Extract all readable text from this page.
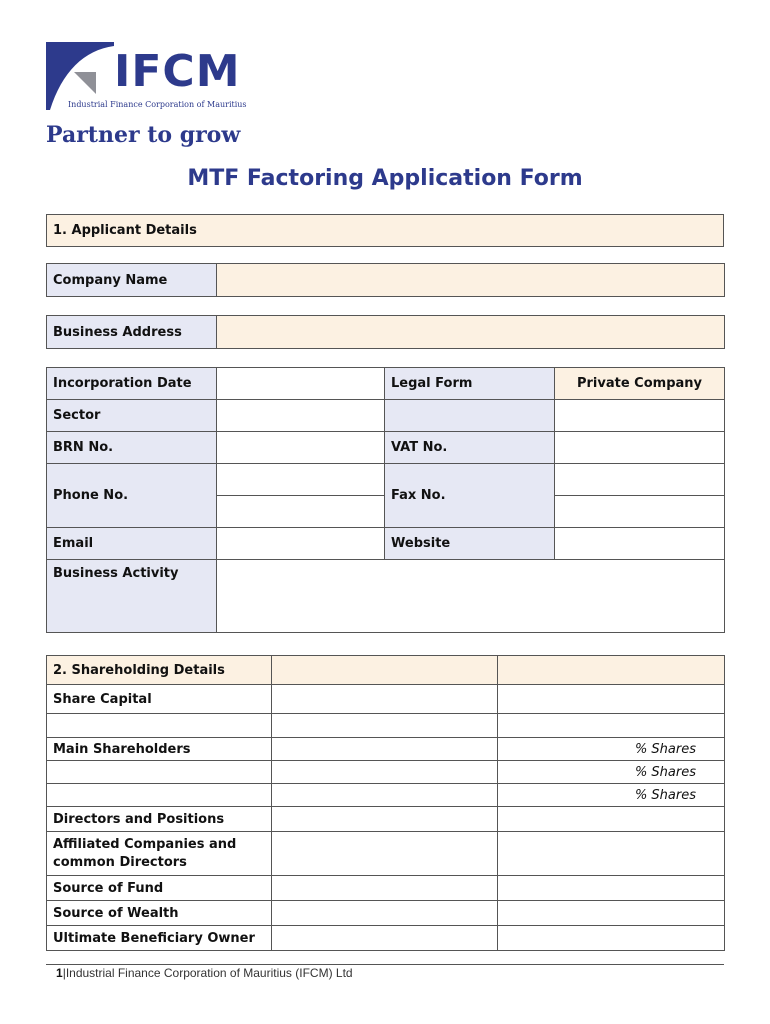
IFCM
Industrial Finance Corporation of Mauritius
Partner to grow
MTF Factoring Application Form
1. Applicant Details
Company Name	
Business Address	
Incorporation Date		Legal Form	Private Company
Sector			
BRN No.		VAT No.	
Phone No.		Fax No.	

Email		Website	
Business Activity			
2. Shareholding Details		
Share Capital		

Main Shareholders		% Shares
		% Shares
		% Shares
Directors and Positions		
Affiliated Companies and common Directors		
Source of Fund		
Source of Wealth		
Ultimate Beneficiary Owner		
1|Industrial Finance Corporation of Mauritius (IFCM) Ltd
